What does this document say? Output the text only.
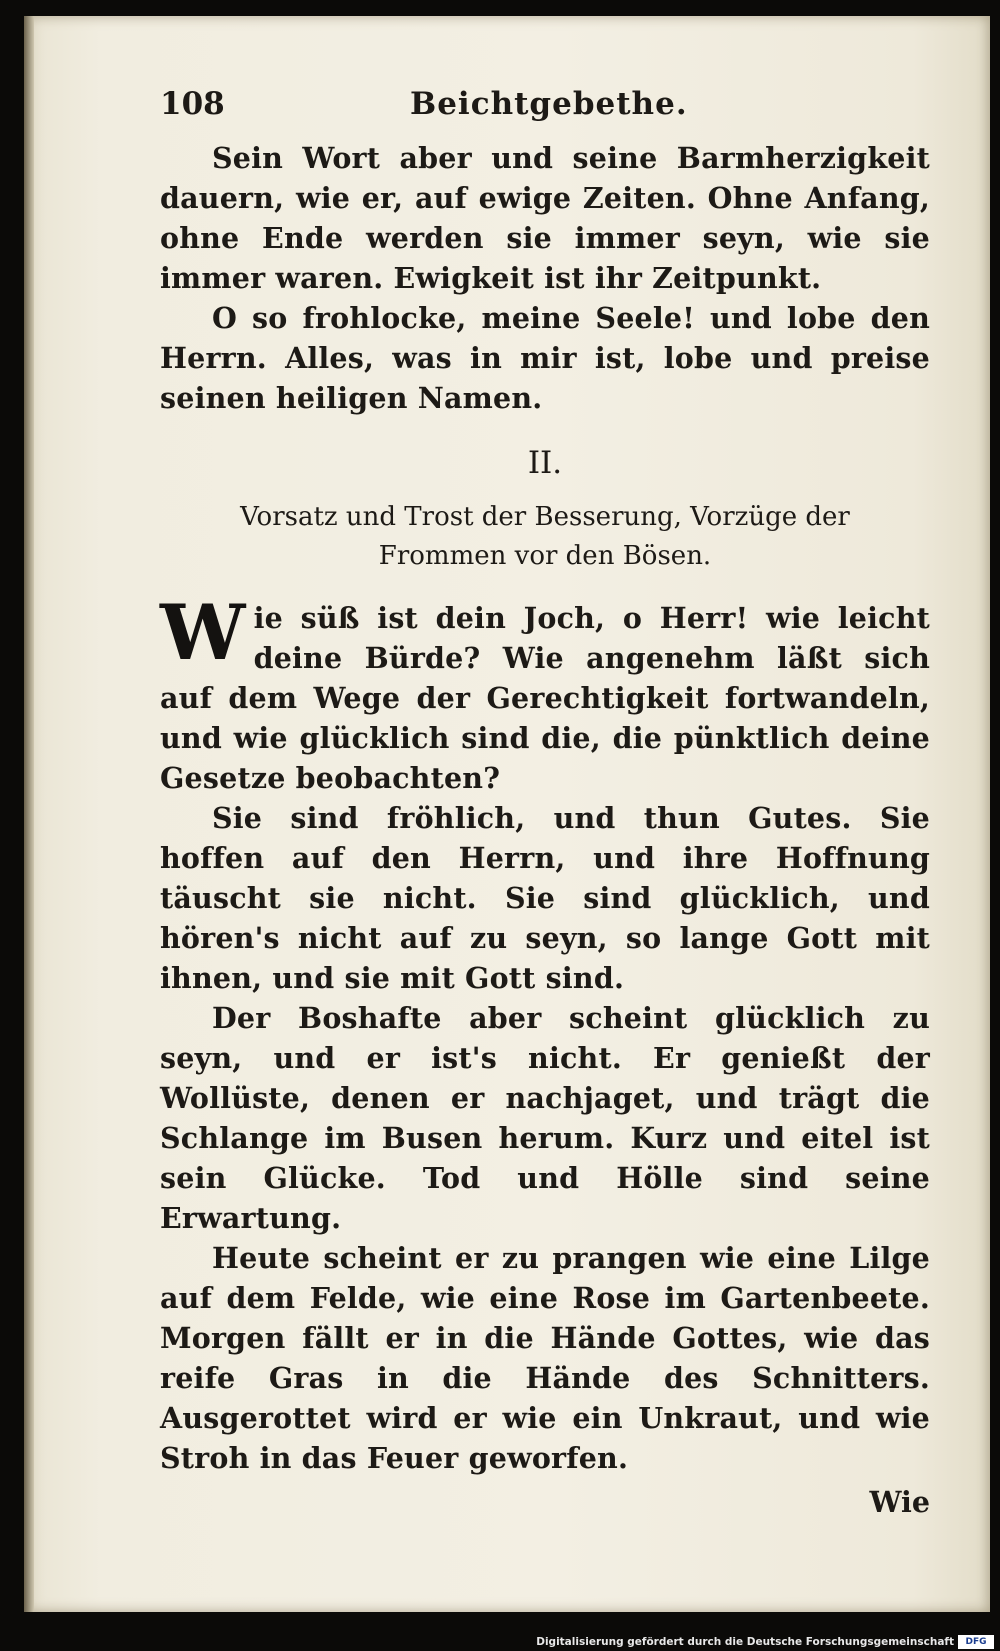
108	Beichtgebethe.

Sein Wort aber und seine Barmherzigkeit dauern, wie er, auf ewige Zeiten. Ohne Anfang, ohne Ende werden sie immer seyn, wie sie immer waren. Ewigkeit ist ihr Zeitpunkt.

O so frohlocke, meine Seele! und lobe den Herrn. Alles, was in mir ist, lobe und preise seinen heiligen Namen.

II.
Vorsatz und Trost der Besserung, Vorzüge der Frommen vor den Bösen.

Wie süß ist dein Joch, o Herr! wie leicht deine Bürde? Wie angenehm läßt sich auf dem Wege der Gerechtigkeit fortwandeln, und wie glücklich sind die, die pünktlich deine Gesetze beobachten?

Sie sind fröhlich, und thun Gutes. Sie hoffen auf den Herrn, und ihre Hoffnung täuscht sie nicht. Sie sind glücklich, und hören's nicht auf zu seyn, so lange Gott mit ihnen, und sie mit Gott sind.

Der Boshafte aber scheint glücklich zu seyn, und er ist's nicht. Er genießt der Wollüste, denen er nachjaget, und trägt die Schlange im Busen herum. Kurz und eitel ist sein Glücke. Tod und Hölle sind seine Erwartung.

Heute scheint er zu prangen wie eine Lilge auf dem Felde, wie eine Rose im Gartenbeete. Morgen fällt er in die Hände Gottes, wie das reife Gras in die Hände des Schnitters. Ausgerottet wird er wie ein Unkraut, und wie Stroh in das Feuer geworfen.

Wie
Digitalisierung gefördert durch die Deutsche Forschungsgemeinschaft	DFG
